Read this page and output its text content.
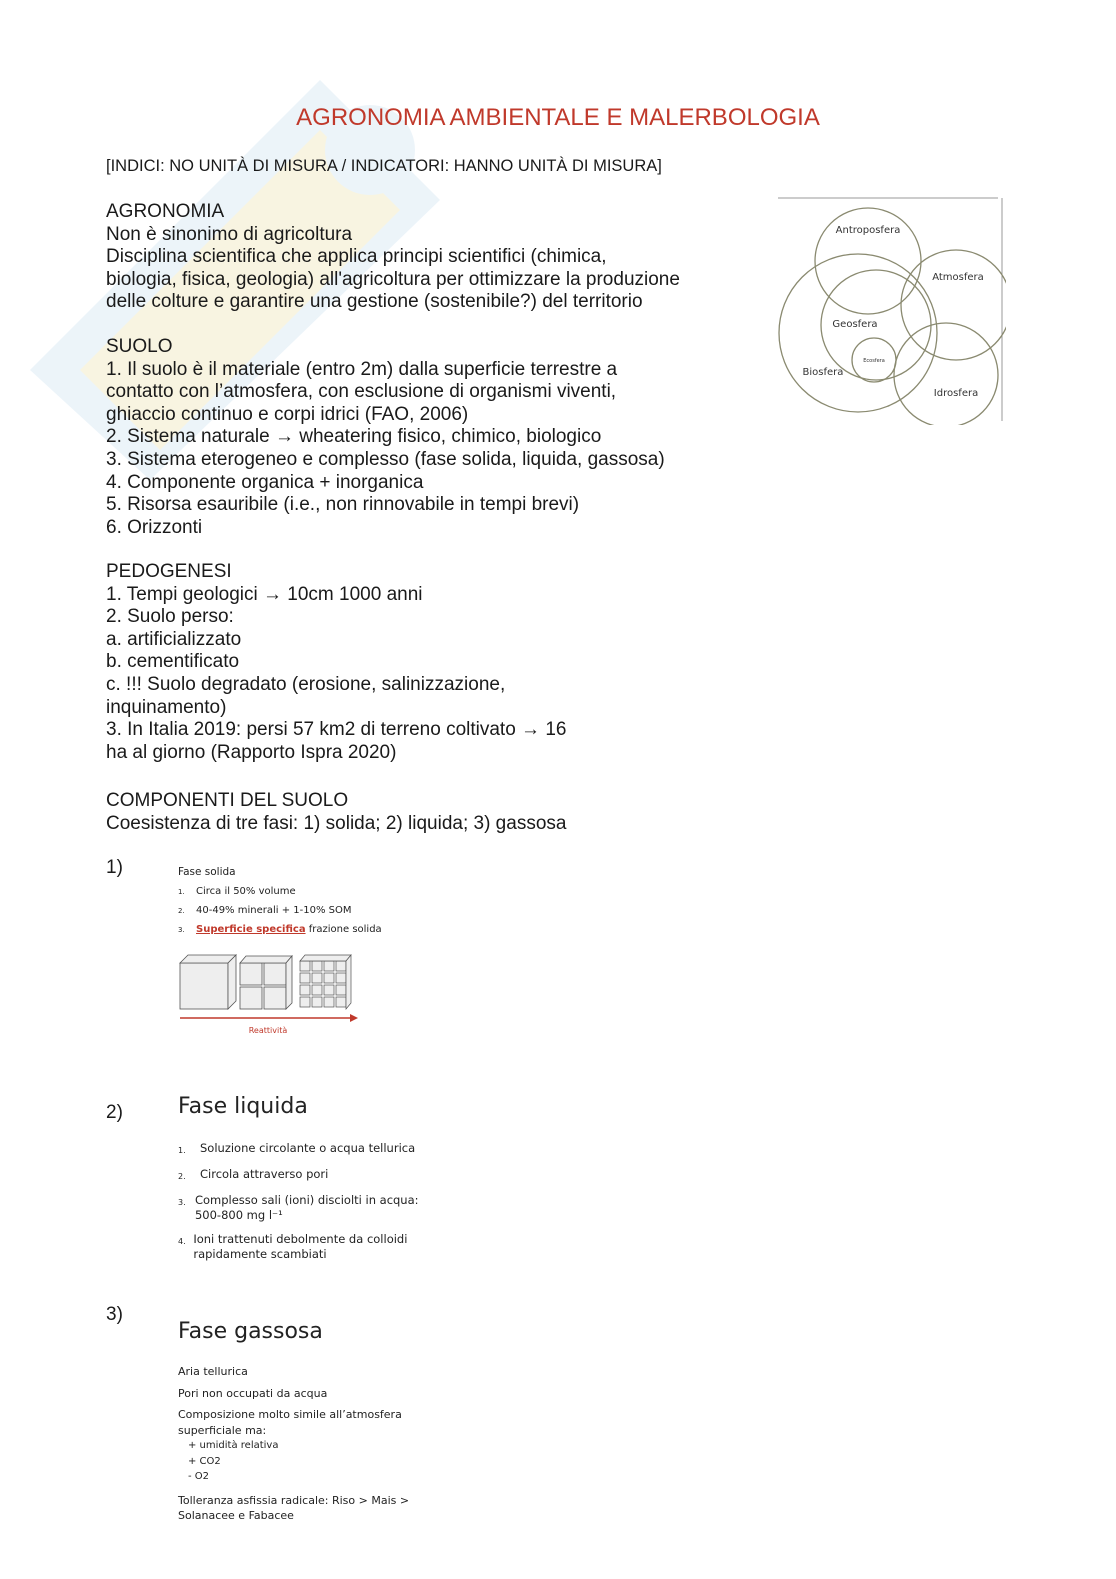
AGRONOMIA AMBIENTALE E MALERBOLOGIA
[INDICI: NO UNITÀ DI MISURA / INDICATORI: HANNO UNITÀ DI MISURA]

AGRONOMIA

Non è sinonimo di agricoltura

Disciplina scientifica che applica principi scientifici (chimica,

biologia, fisica, geologia) all'agricoltura per ottimizzare la produzione

delle colture e garantire una gestione (sostenibile?) del territorio

SUOLO

1. Il suolo è il materiale (entro 2m) dalla superficie terrestre a

contatto con l’atmosfera, con esclusione di organismi viventi,

ghiaccio continuo e corpi idrici (FAO, 2006)

2. Sistema naturale → wheatering fisico, chimico, biologico

3. Sistema eterogeneo e complesso (fase solida, liquida, gassosa)

4. Componente organica + inorganica

5. Risorsa esauribile (i.e., non rinnovabile in tempi brevi)

6. Orizzonti

PEDOGENESI

1. Tempi geologici → 10cm 1000 anni

2. Suolo perso:

a. artificializzato

b. cementificato

c. !!! Suolo degradato (erosione, salinizzazione,

inquinamento)

3. In Italia 2019: persi 57 km2 di terreno coltivato → 16

ha al giorno (Rapporto Ispra 2020)

COMPONENTI DEL SUOLO

Coesistenza di tre fasi: 1) solida; 2) liquida; 3) gassosa

Antroposfera
Atmosfera
Geosfera
Biosfera
Idrosfera
Ecosfera
1)	Fase solida
1.	Circa il 50% volume
2.	40-49% minerali + 1-10% SOM
3.	Superficie specifica frazione solida
Reattività
2)	Fase liquida
1.	Soluzione circolante o acqua tellurica
2.	Circola attraverso pori
3. Complesso sali (ioni) disciolti in acqua: 500-800 mg l⁻¹
4. Ioni trattenuti debolmente da colloidi rapidamente scambiati
3)
Fase gassosa
Aria tellurica
Pori non occupati da acqua
Composizione molto simile all’atmosfera superficiale ma:
+ umidità relativa
+ CO2
- O2
Tolleranza asfissia radicale: Riso > Mais > Solanacee e Fabacee
